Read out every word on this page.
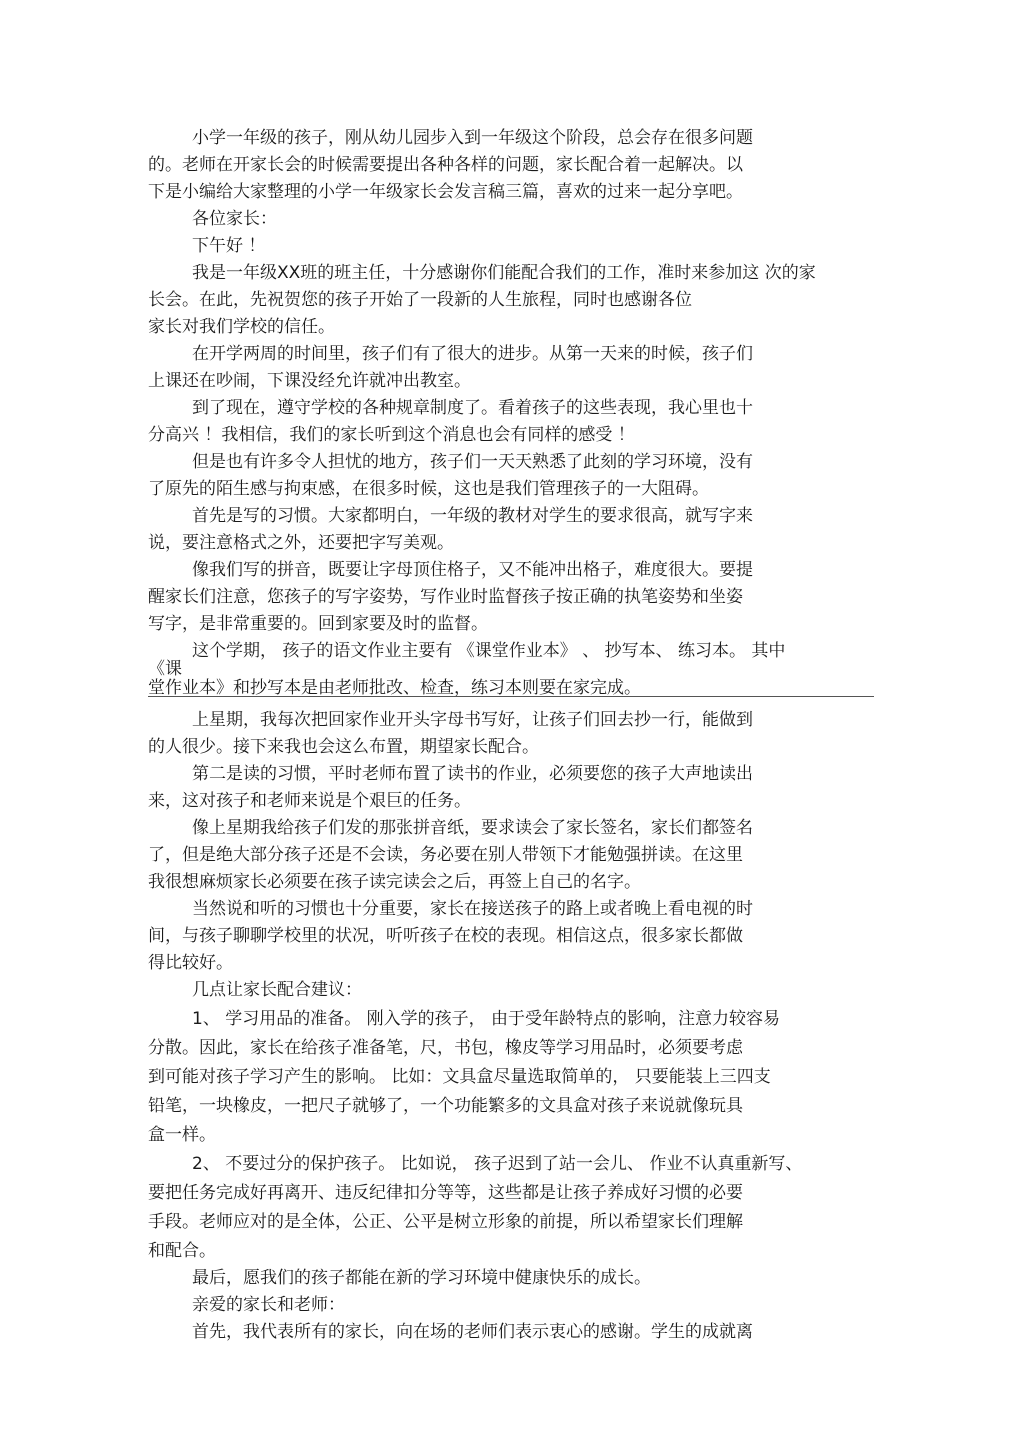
小学一年级的孩子，刚从幼儿园步入到一年级这个阶段，总会存在很多问题
的。老师在开家长会的时候需要提出各种各样的问题，家长配合着一起解决。以
下是小编给大家整理的小学一年级家长会发言稿三篇，喜欢的过来一起分享吧。
各位家长：
下午好 ！
我是一年级XX班的班主任，十分感谢你们能配合我们的工作，准时来参加这 次的家
长会。在此，先祝贺您的孩子开始了一段新的人生旅程，同时也感谢各位
家长对我们学校的信任。
在开学两周的时间里，孩子们有了很大的进步。从第一天来的时候，孩子们
上课还在吵闹，下课没经允许就冲出教室。
到了现在，遵守学校的各种规章制度了。看着孩子的这些表现，我心里也十
分高兴 ！我相信，我们的家长听到这个消息也会有同样的感受 ！
但是也有许多令人担忧的地方，孩子们一天天熟悉了此刻的学习环境，没有
了原先的陌生感与拘束感，在很多时候，这也是我们管理孩子的一大阻碍。
首先是写的习惯。大家都明白，一年级的教材对学生的要求很高，就写字来
说，要注意格式之外，还要把字写美观。
像我们写的拼音，既要让字母顶住格子，又不能冲出格子，难度很大。要提
醒家长们注意，您孩子的写字姿势，写作业时监督孩子按正确的执笔姿势和坐姿
写字，是非常重要的。回到家要及时的监督。
这个学期， 孩子的语文作业主要有 《课堂作业本》 、 抄写本、 练习本。 其中
《课
堂作业本》和抄写本是由老师批改、检查，练习本则要在家完成。
上星期，我每次把回家作业开头字母书写好，让孩子们回去抄一行，能做到
的人很少。接下来我也会这么布置，期望家长配合。
第二是读的习惯，平时老师布置了读书的作业，必须要您的孩子大声地读出
来，这对孩子和老师来说是个艰巨的任务。
像上星期我给孩子们发的那张拼音纸，要求读会了家长签名，家长们都签名
了，但是绝大部分孩子还是不会读，务必要在别人带领下才能勉强拼读。在这里
我很想麻烦家长必须要在孩子读完读会之后，再签上自己的名字。
当然说和听的习惯也十分重要，家长在接送孩子的路上或者晚上看电视的时
间，与孩子聊聊学校里的状况，听听孩子在校的表现。相信这点，很多家长都做
得比较好。
几点让家长配合建议：
1、 学习用品的准备。 刚入学的孩子， 由于受年龄特点的影响，注意力较容易
分散。因此，家长在给孩子准备笔，尺，书包，橡皮等学习用品时，必须要考虑
到可能对孩子学习产生的影响。 比如：文具盒尽量选取简单的， 只要能装上三四支
铅笔，一块橡皮，一把尺子就够了，一个功能繁多的文具盒对孩子来说就像玩具
盒一样。
2、 不要过分的保护孩子。 比如说， 孩子迟到了站一会儿、 作业不认真重新写、
要把任务完成好再离开、违反纪律扣分等等，这些都是让孩子养成好习惯的必要
手段。老师应对的是全体，公正、公平是树立形象的前提，所以希望家长们理解
和配合。
最后，愿我们的孩子都能在新的学习环境中健康快乐的成长。
亲爱的家长和老师：
首先，我代表所有的家长，向在场的老师们表示衷心的感谢。学生的成就离
